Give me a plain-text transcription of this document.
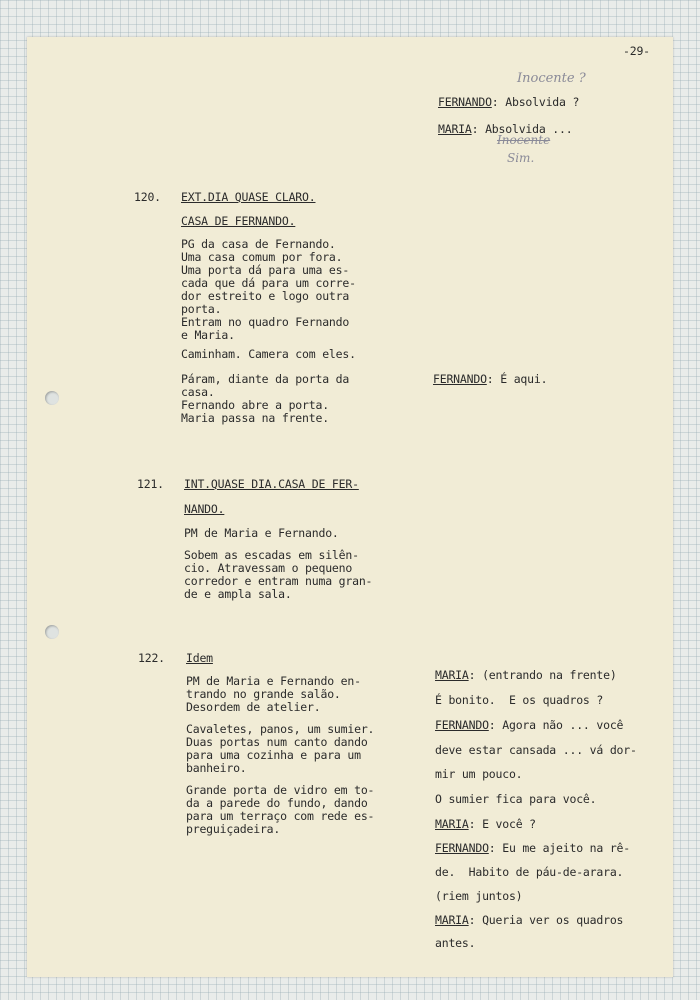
-29-
Inocente ?
FERNANDO: Absolvida ?
MARIA: Absolvida ...
Inocente
Sim.
120. EXT.DIA QUASE CLARO.
CASA DE FERNANDO.
PG da casa de Fernando.
Uma casa comum por fora.
Uma porta dá para uma es-
cada que dá para um corre-
dor estreito e logo outra
porta.
Entram no quadro Fernando
e Maria.
Caminham. Camera com eles.
Páram, diante da porta da
casa.
Fernando abre a porta.
Maria passa na frente.
FERNANDO: É aqui.
121. INT.QUASE DIA.CASA DE FER-
NANDO.
PM de Maria e Fernando.
Sobem as escadas em silên-
cio. Atravessam o pequeno
corredor e entram numa gran-
de e ampla sala.
122. Idem
PM de Maria e Fernando en-
trando no grande salão.
Desordem de atelier.
Cavaletes, panos, um sumier.
Duas portas num canto dando
para uma cozinha e para um
banheiro.
Grande porta de vidro em to-
da a parede do fundo, dando
para um terraço com rede es-
preguiçadeira.
MARIA: (entrando na frente)
É bonito.  E os quadros ?
FERNANDO: Agora não ... você
deve estar cansada ... vá dor-
mir um pouco.
O sumier fica para você.
MARIA: E você ?
FERNANDO: Eu me ajeito na rê-
de.  Habito de páu-de-arara.
(riem juntos)
MARIA: Queria ver os quadros
antes.
